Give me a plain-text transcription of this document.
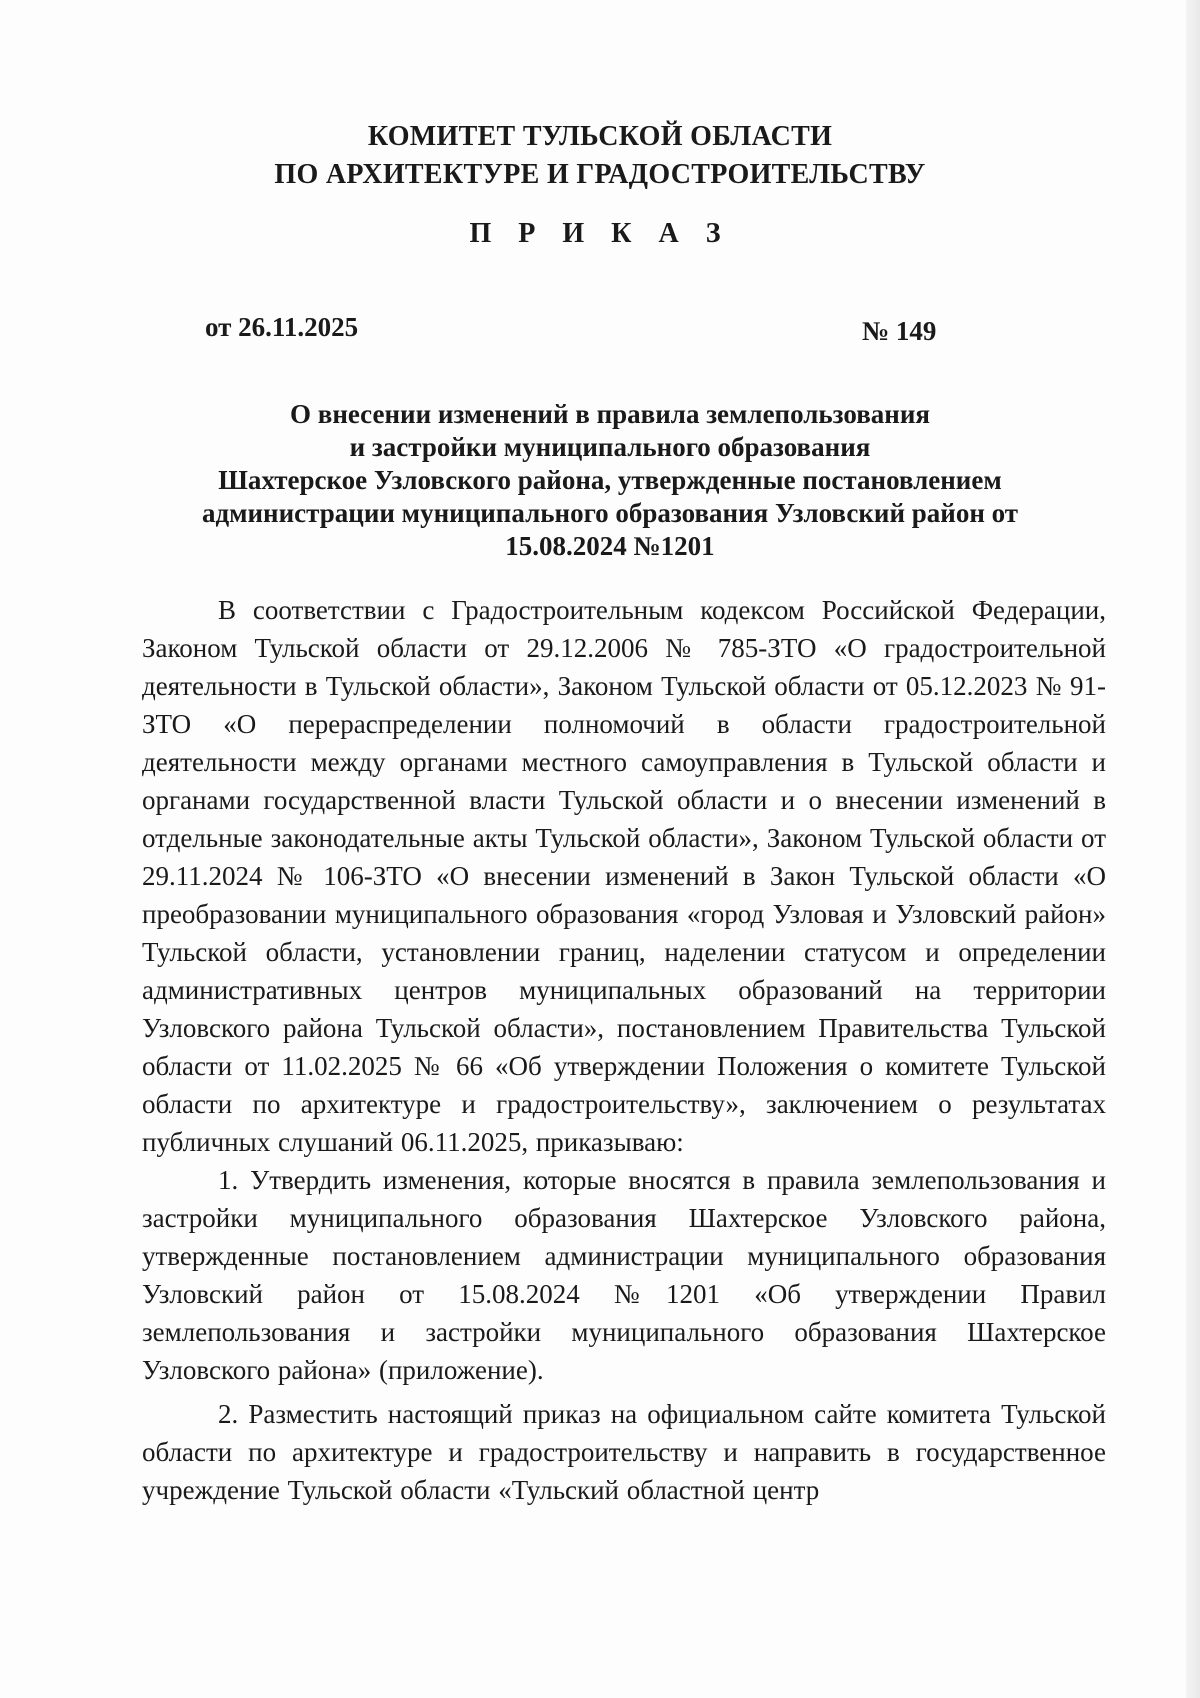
КОМИТЕТ ТУЛЬСКОЙ ОБЛАСТИ
ПО АРХИТЕКТУРЕ И ГРАДОСТРОИТЕЛЬСТВУ
П Р И К А З
от 26.11.2025	№ 149
О внесении изменений в правила землепользования
и застройки муниципального образования
Шахтерское Узловского района, утвержденные постановлением
администрации муниципального образования Узловский район от
15.08.2024 №1201

В соответствии с Градостроительным кодексом Российской Федерации, Законом Тульской области от 29.12.2006 № 785-ЗТО «О градостроительной деятельности в Тульской области», Законом Тульской области от 05.12.2023 № 91-ЗТО «О перераспределении полномочий в области градостроительной деятельности между органами местного самоуправления в Тульской области и органами государственной власти Тульской области и о внесении изменений в отдельные законодательные акты Тульской области», Законом Тульской области от 29.11.2024 № 106-ЗТО «О внесении изменений в Закон Тульской области «О преобразовании муниципального образования «город Узловая и Узловский район» Тульской области, установлении границ, наделении статусом и определении административных центров муниципальных образований на территории Узловского района Тульской области», постановлением Правительства Тульской области от 11.02.2025 № 66 «Об утверждении Положения о комитете Тульской области по архитектуре и градостроительству», заключением о результатах публичных слушаний 06.11.2025, приказываю:

1. Утвердить изменения, которые вносятся в правила землепользования и застройки муниципального образования Шахтерское Узловского района, утвержденные постановлением администрации муниципального образования Узловский район от 15.08.2024 №1201 «Об утверждении Правил землепользования и застройки муниципального образования Шахтерское Узловского района» (приложение).

2. Разместить настоящий приказ на официальном сайте комитета Тульской области по архитектуре и градостроительству и направить в государственное учреждение Тульской области «Тульский областной центр
